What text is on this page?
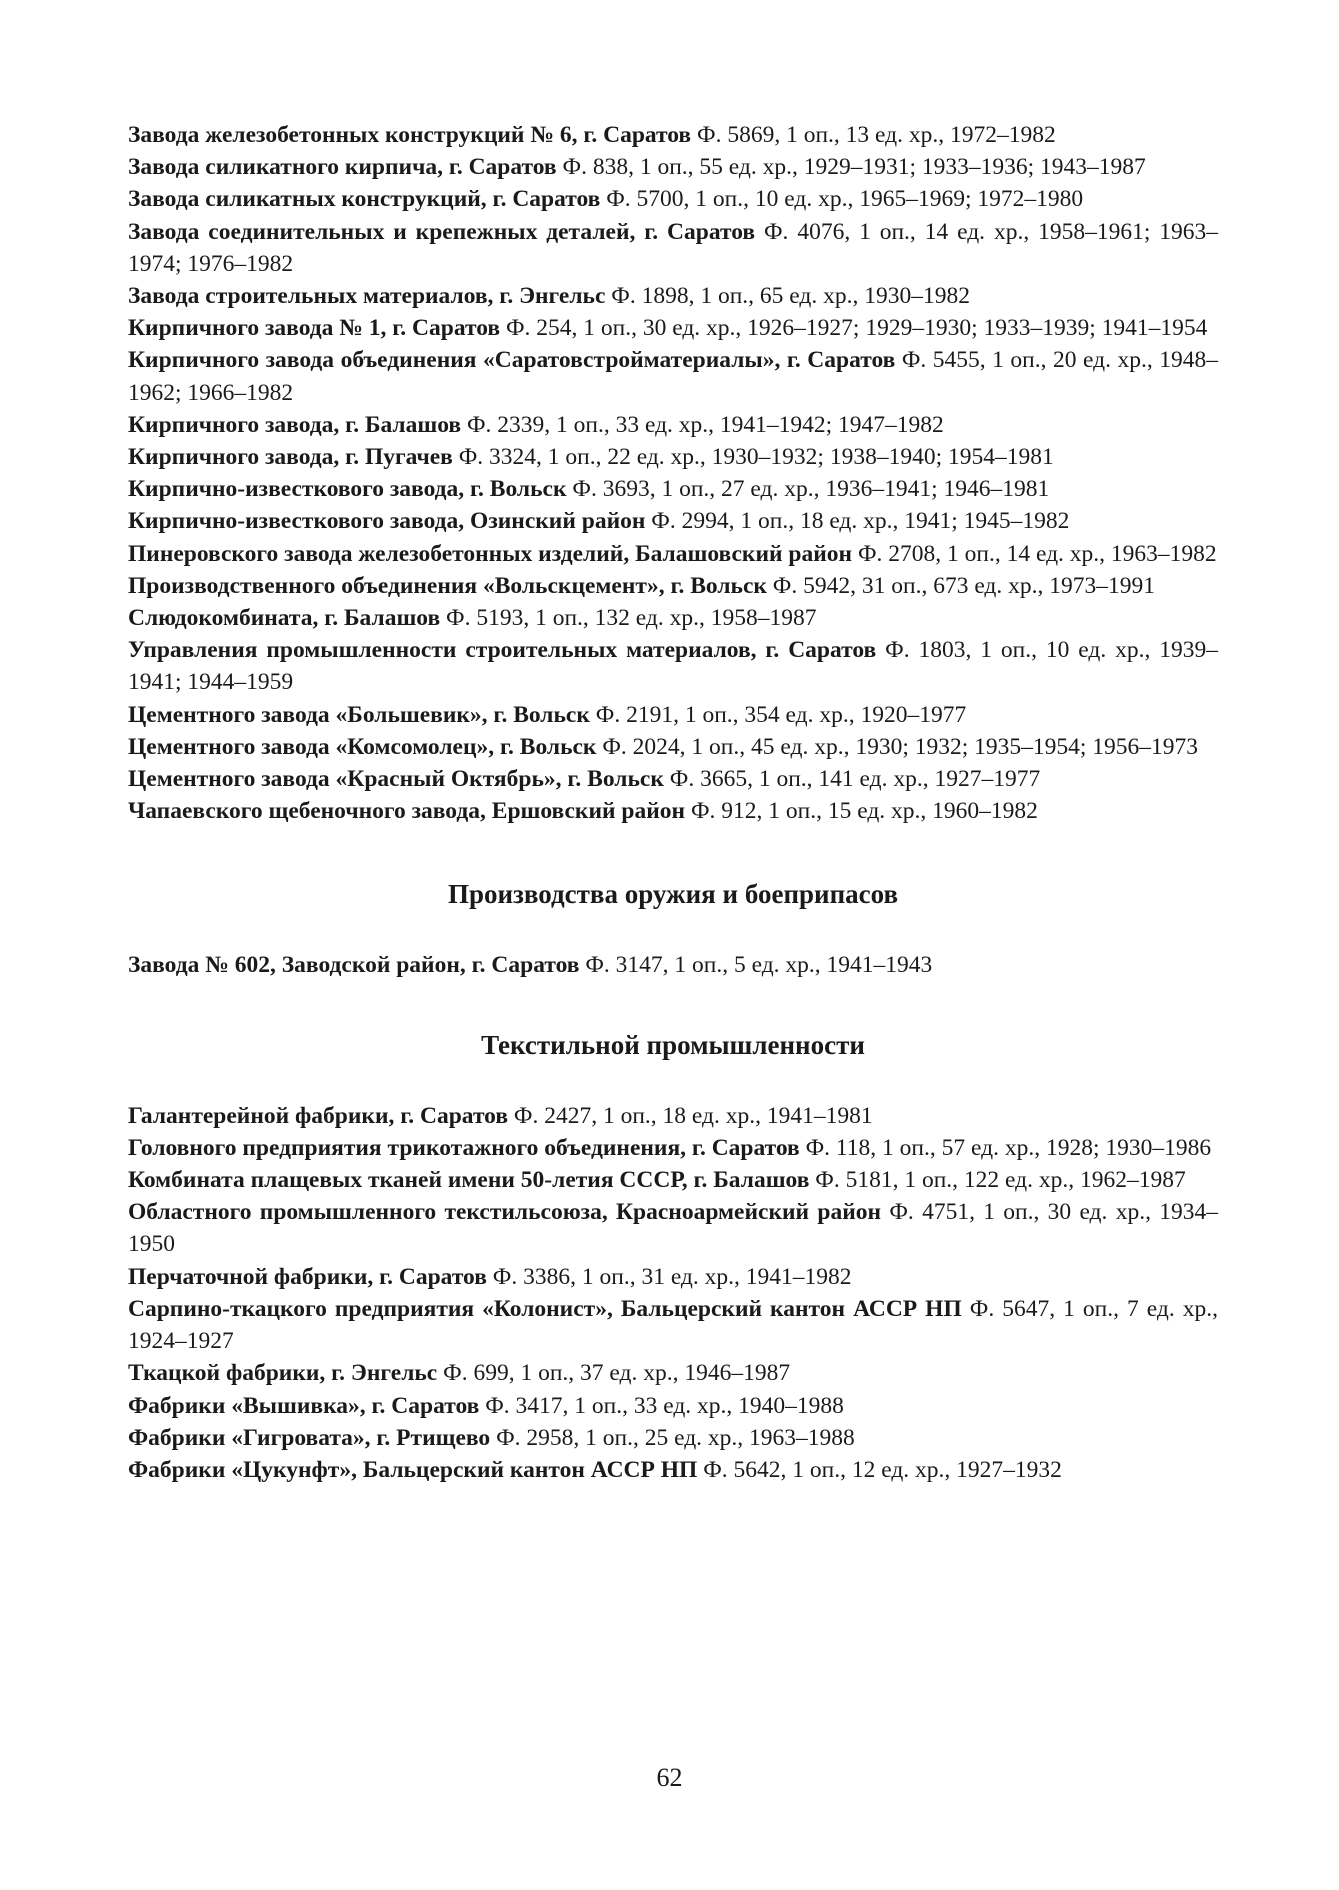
Завода железобетонных конструкций № 6, г. Саратов Ф. 5869, 1 оп., 13 ед. хр., 1972–1982

Завода силикатного кирпича, г. Саратов Ф. 838, 1 оп., 55 ед. хр., 1929–1931; 1933–1936; 1943–1987

Завода силикатных конструкций, г. Саратов Ф. 5700, 1 оп., 10 ед. хр., 1965–1969; 1972–1980

Завода соединительных и крепежных деталей, г. Саратов Ф. 4076, 1 оп., 14 ед. хр., 1958–1961; 1963–1974; 1976–1982

Завода строительных материалов, г. Энгельс Ф. 1898, 1 оп., 65 ед. хр., 1930–1982

Кирпичного завода № 1, г. Саратов Ф. 254, 1 оп., 30 ед. хр., 1926–1927; 1929–1930; 1933–1939; 1941–1954

Кирпичного завода объединения «Саратовстройматериалы», г. Саратов Ф. 5455, 1 оп., 20 ед. хр., 1948–1962; 1966–1982

Кирпичного завода, г. Балашов Ф. 2339, 1 оп., 33 ед. хр., 1941–1942; 1947–1982

Кирпичного завода, г. Пугачев Ф. 3324, 1 оп., 22 ед. хр., 1930–1932; 1938–1940; 1954–1981

Кирпично-известкового завода, г. Вольск Ф. 3693, 1 оп., 27 ед. хр., 1936–1941; 1946–1981

Кирпично-известкового завода, Озинский район Ф. 2994, 1 оп., 18 ед. хр., 1941; 1945–1982

Пинеровского завода железобетонных изделий, Балашовский район Ф. 2708, 1 оп., 14 ед. хр., 1963–1982

Производственного объединения «Вольскцемент», г. Вольск Ф. 5942, 31 оп., 673 ед. хр., 1973–1991

Слюдокомбината, г. Балашов Ф. 5193, 1 оп., 132 ед. хр., 1958–1987

Управления промышленности строительных материалов, г. Саратов Ф. 1803, 1 оп., 10 ед. хр., 1939–1941; 1944–1959

Цементного завода «Большевик», г. Вольск Ф. 2191, 1 оп., 354 ед. хр., 1920–1977

Цементного завода «Комсомолец», г. Вольск Ф. 2024, 1 оп., 45 ед. хр., 1930; 1932; 1935–1954; 1956–1973

Цементного завода «Красный Октябрь», г. Вольск Ф. 3665, 1 оп., 141 ед. хр., 1927–1977

Чапаевского щебеночного завода, Ершовский район Ф. 912, 1 оп., 15 ед. хр., 1960–1982

Производства оружия и боеприпасов

Завода № 602, Заводской район, г. Саратов Ф. 3147, 1 оп., 5 ед. хр., 1941–1943

Текстильной промышленности

Галантерейной фабрики, г. Саратов Ф. 2427, 1 оп., 18 ед. хр., 1941–1981

Головного предприятия трикотажного объединения, г. Саратов Ф. 118, 1 оп., 57 ед. хр., 1928; 1930–1986

Комбината плащевых тканей имени 50-летия СССР, г. Балашов Ф. 5181, 1 оп., 122 ед. хр., 1962–1987

Областного промышленного текстильсоюза, Красноармейский район Ф. 4751, 1 оп., 30 ед. хр., 1934–1950

Перчаточной фабрики, г. Саратов Ф. 3386, 1 оп., 31 ед. хр., 1941–1982

Сарпино-ткацкого предприятия «Колонист», Бальцерский кантон АССР НП Ф. 5647, 1 оп., 7 ед. хр., 1924–1927

Ткацкой фабрики, г. Энгельс Ф. 699, 1 оп., 37 ед. хр., 1946–1987

Фабрики «Вышивка», г. Саратов Ф. 3417, 1 оп., 33 ед. хр., 1940–1988

Фабрики «Гигровата», г. Ртищево Ф. 2958, 1 оп., 25 ед. хр., 1963–1988

Фабрики «Цукунфт», Бальцерский кантон АССР НП Ф. 5642, 1 оп., 12 ед. хр., 1927–1932

62
